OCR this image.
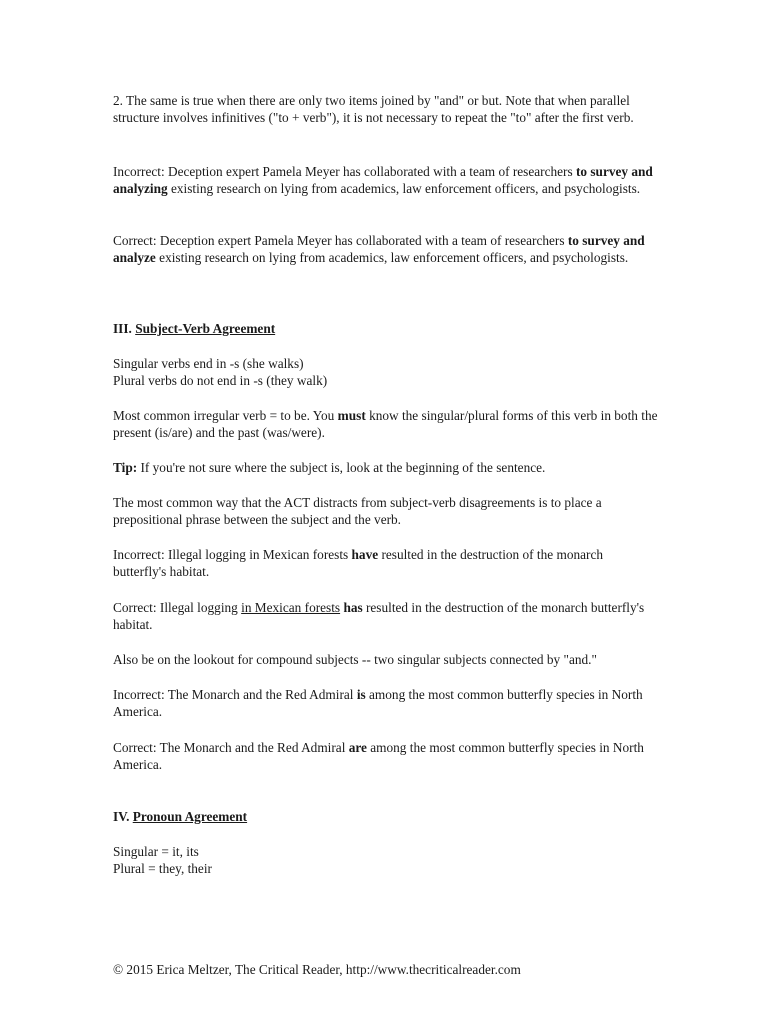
2. The same is true when there are only two items joined by "and" or but. Note that when parallel structure involves infinitives ("to + verb"), it is not necessary to repeat the "to" after the first verb.

Incorrect: Deception expert Pamela Meyer has collaborated with a team of researchers to survey and analyzing existing research on lying from academics, law enforcement officers, and psychologists.

Correct: Deception expert Pamela Meyer has collaborated with a team of researchers to survey and analyze existing research on lying from academics, law enforcement officers, and psychologists.

III. Subject-Verb Agreement

Singular verbs end in -s (she walks)
Plural verbs do not end in -s (they walk)

Most common irregular verb = to be. You must know the singular/plural forms of this verb in both the present (is/are) and the past (was/were).

Tip: If you're not sure where the subject is, look at the beginning of the sentence.

The most common way that the ACT distracts from subject-verb disagreements is to place a prepositional phrase between the subject and the verb.

Incorrect: Illegal logging in Mexican forests have resulted in the destruction of the monarch butterfly's habitat.

Correct: Illegal logging in Mexican forests has resulted in the destruction of the monarch butterfly's habitat.

Also be on the lookout for compound subjects -- two singular subjects connected by "and."

Incorrect: The Monarch and the Red Admiral is among the most common butterfly species in North America.

Correct: The Monarch and the Red Admiral are among the most common butterfly species in North America.

IV. Pronoun Agreement

Singular = it, its
Plural = they, their

© 2015 Erica Meltzer, The Critical Reader, http://www.thecriticalreader.com
